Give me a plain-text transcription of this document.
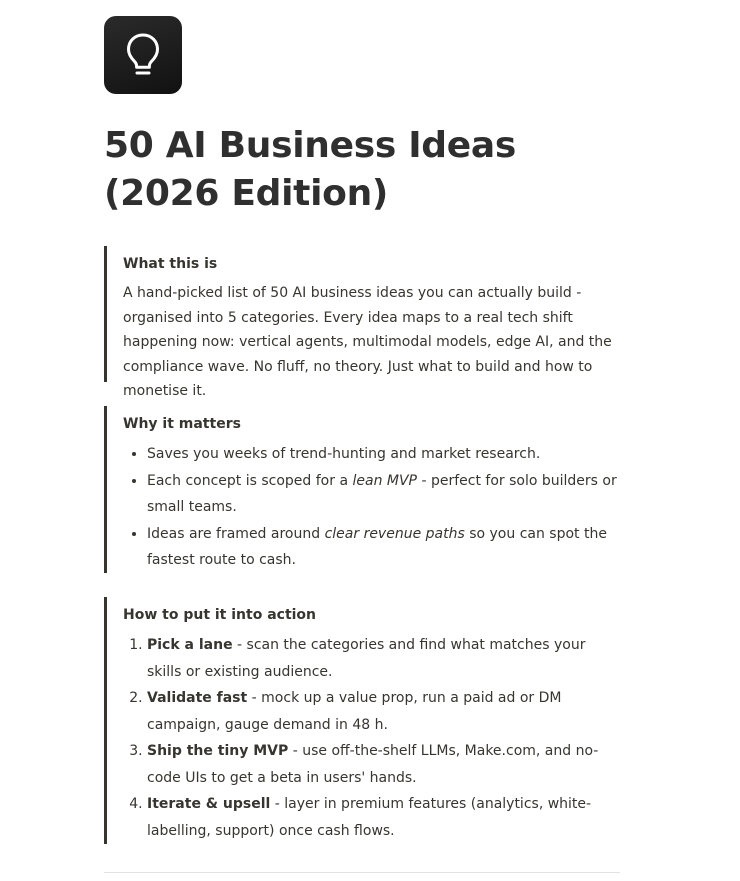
50 AI Business Ideas
(2026 Edition)
What this is

A hand-picked list of 50 AI business ideas you can actually build - organised into 5 categories. Every idea maps to a real tech shift happening now: vertical agents, multimodal models, edge AI, and the compliance wave. No fluff, no theory. Just what to build and how to monetise it.

Why it matters
• Saves you weeks of trend-hunting and market research.
• Each concept is scoped for a lean MVP - perfect for solo builders or small teams.
• Ideas are framed around clear revenue paths so you can spot the fastest route to cash.
How to put it into action
1. Pick a lane - scan the categories and find what matches your skills or existing audience.
2. Validate fast - mock up a value prop, run a paid ad or DM campaign, gauge demand in 48 h.
3. Ship the tiny MVP - use off-the-shelf LLMs, Make.com, and no-code UIs to get a beta in users' hands.
4. Iterate & upsell - layer in premium features (analytics, white-labelling, support) once cash flows.
